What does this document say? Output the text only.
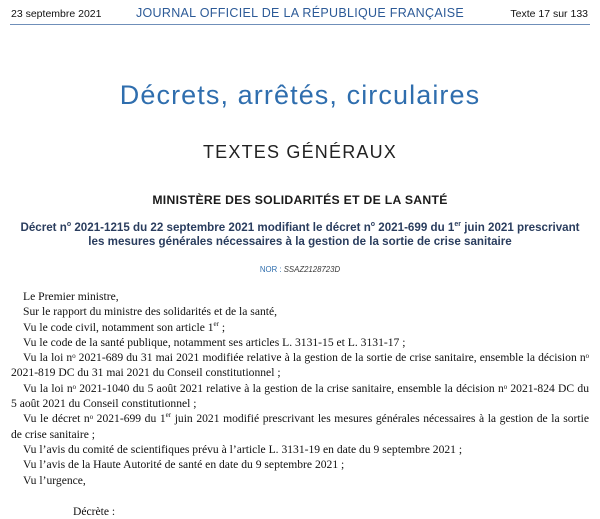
23 septembre 2021	JOURNAL OFFICIEL DE LA RÉPUBLIQUE FRANÇAISE	Texte 17 sur 133
Décrets, arrêtés, circulaires
TEXTES GÉNÉRAUX
MINISTÈRE DES SOLIDARITÉS ET DE LA SANTÉ
Décret $n^o$ 2021-1215 du 22 septembre 2021 modifiant le décret $n^o$ 2021-699 du 1er juin 2021 prescrivant les mesures générales nécessaires à la gestion de la sortie de crise sanitaire
NOR : SSAZ2128723D

Le Premier ministre,

Sur le rapport du ministre des solidarités et de la santé,

Vu le code civil, notamment son article 1er ;

Vu le code de la santé publique, notamment ses articles L. 3131-15 et L. 3131-17 ;

Vu la loi nᵒ 2021-689 du 31 mai 2021 modifiée relative à la gestion de la sortie de crise sanitaire, ensemble la décision nᵒ 2021-819 DC du 31 mai 2021 du Conseil constitutionnel ;

Vu la loi nᵒ 2021-1040 du 5 août 2021 relative à la gestion de la crise sanitaire, ensemble la décision nᵒ 2021-824 DC du 5 août 2021 du Conseil constitutionnel ;

Vu le décret nᵒ 2021-699 du 1er juin 2021 modifié prescrivant les mesures générales nécessaires à la gestion de la sortie de crise sanitaire ;

Vu l’avis du comité de scientifiques prévu à l’article L. 3131-19 en date du 9 septembre 2021 ;

Vu l’avis de la Haute Autorité de santé en date du 9 septembre 2021 ;

Vu l’urgence,

Décrète :
